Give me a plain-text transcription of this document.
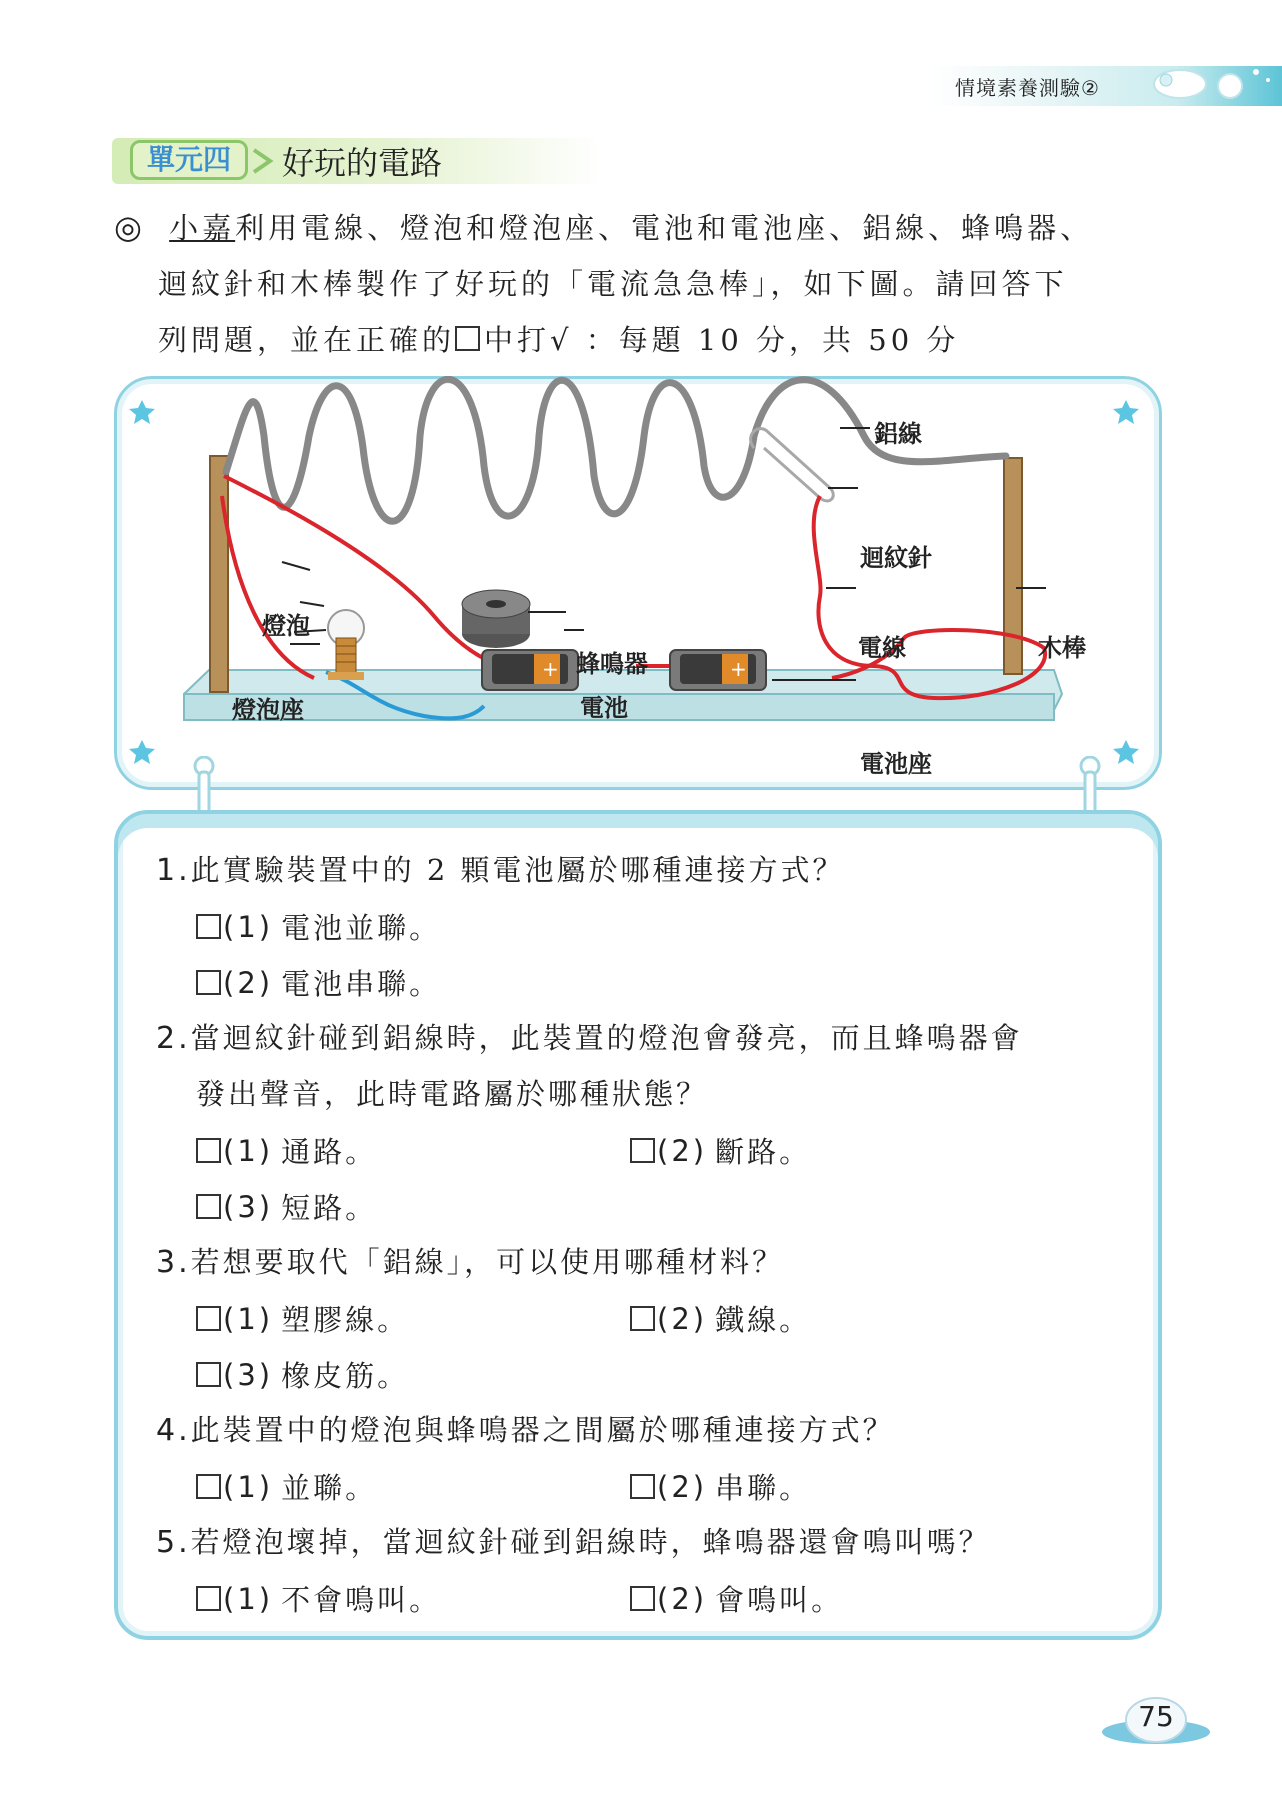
情境素養測驗②
單元四	好玩的電路
◎ 小嘉利用電線、燈泡和燈泡座、電池和電池座、鋁線、蜂鳴器、
迴紋針和木棒製作了好玩的「電流急急棒」，如下圖。請回答下
列問題，並在正確的 中打√ ：每題 10 分，共 50 分
+	+
鋁線
迴紋針
電線	木棒
燈泡
燈泡座
蜂鳴器
電池
電池座
1.此實驗裝置中的 2 顆電池屬於哪種連接方式？
(1) 電池並聯。
(2) 電池串聯。
2.當迴紋針碰到鋁線時，此裝置的燈泡會發亮，而且蜂鳴器會
發出聲音，此時電路屬於哪種狀態？
(1) 通路。	(2) 斷路。
(3) 短路。
3.若想要取代「鋁線」，可以使用哪種材料？
(1) 塑膠線。	(2) 鐵線。
(3) 橡皮筋。
4.此裝置中的燈泡與蜂鳴器之間屬於哪種連接方式？
(1) 並聯。	(2) 串聯。
5.若燈泡壞掉，當迴紋針碰到鋁線時，蜂鳴器還會鳴叫嗎？
(1) 不會鳴叫。	(2) 會鳴叫。
75
